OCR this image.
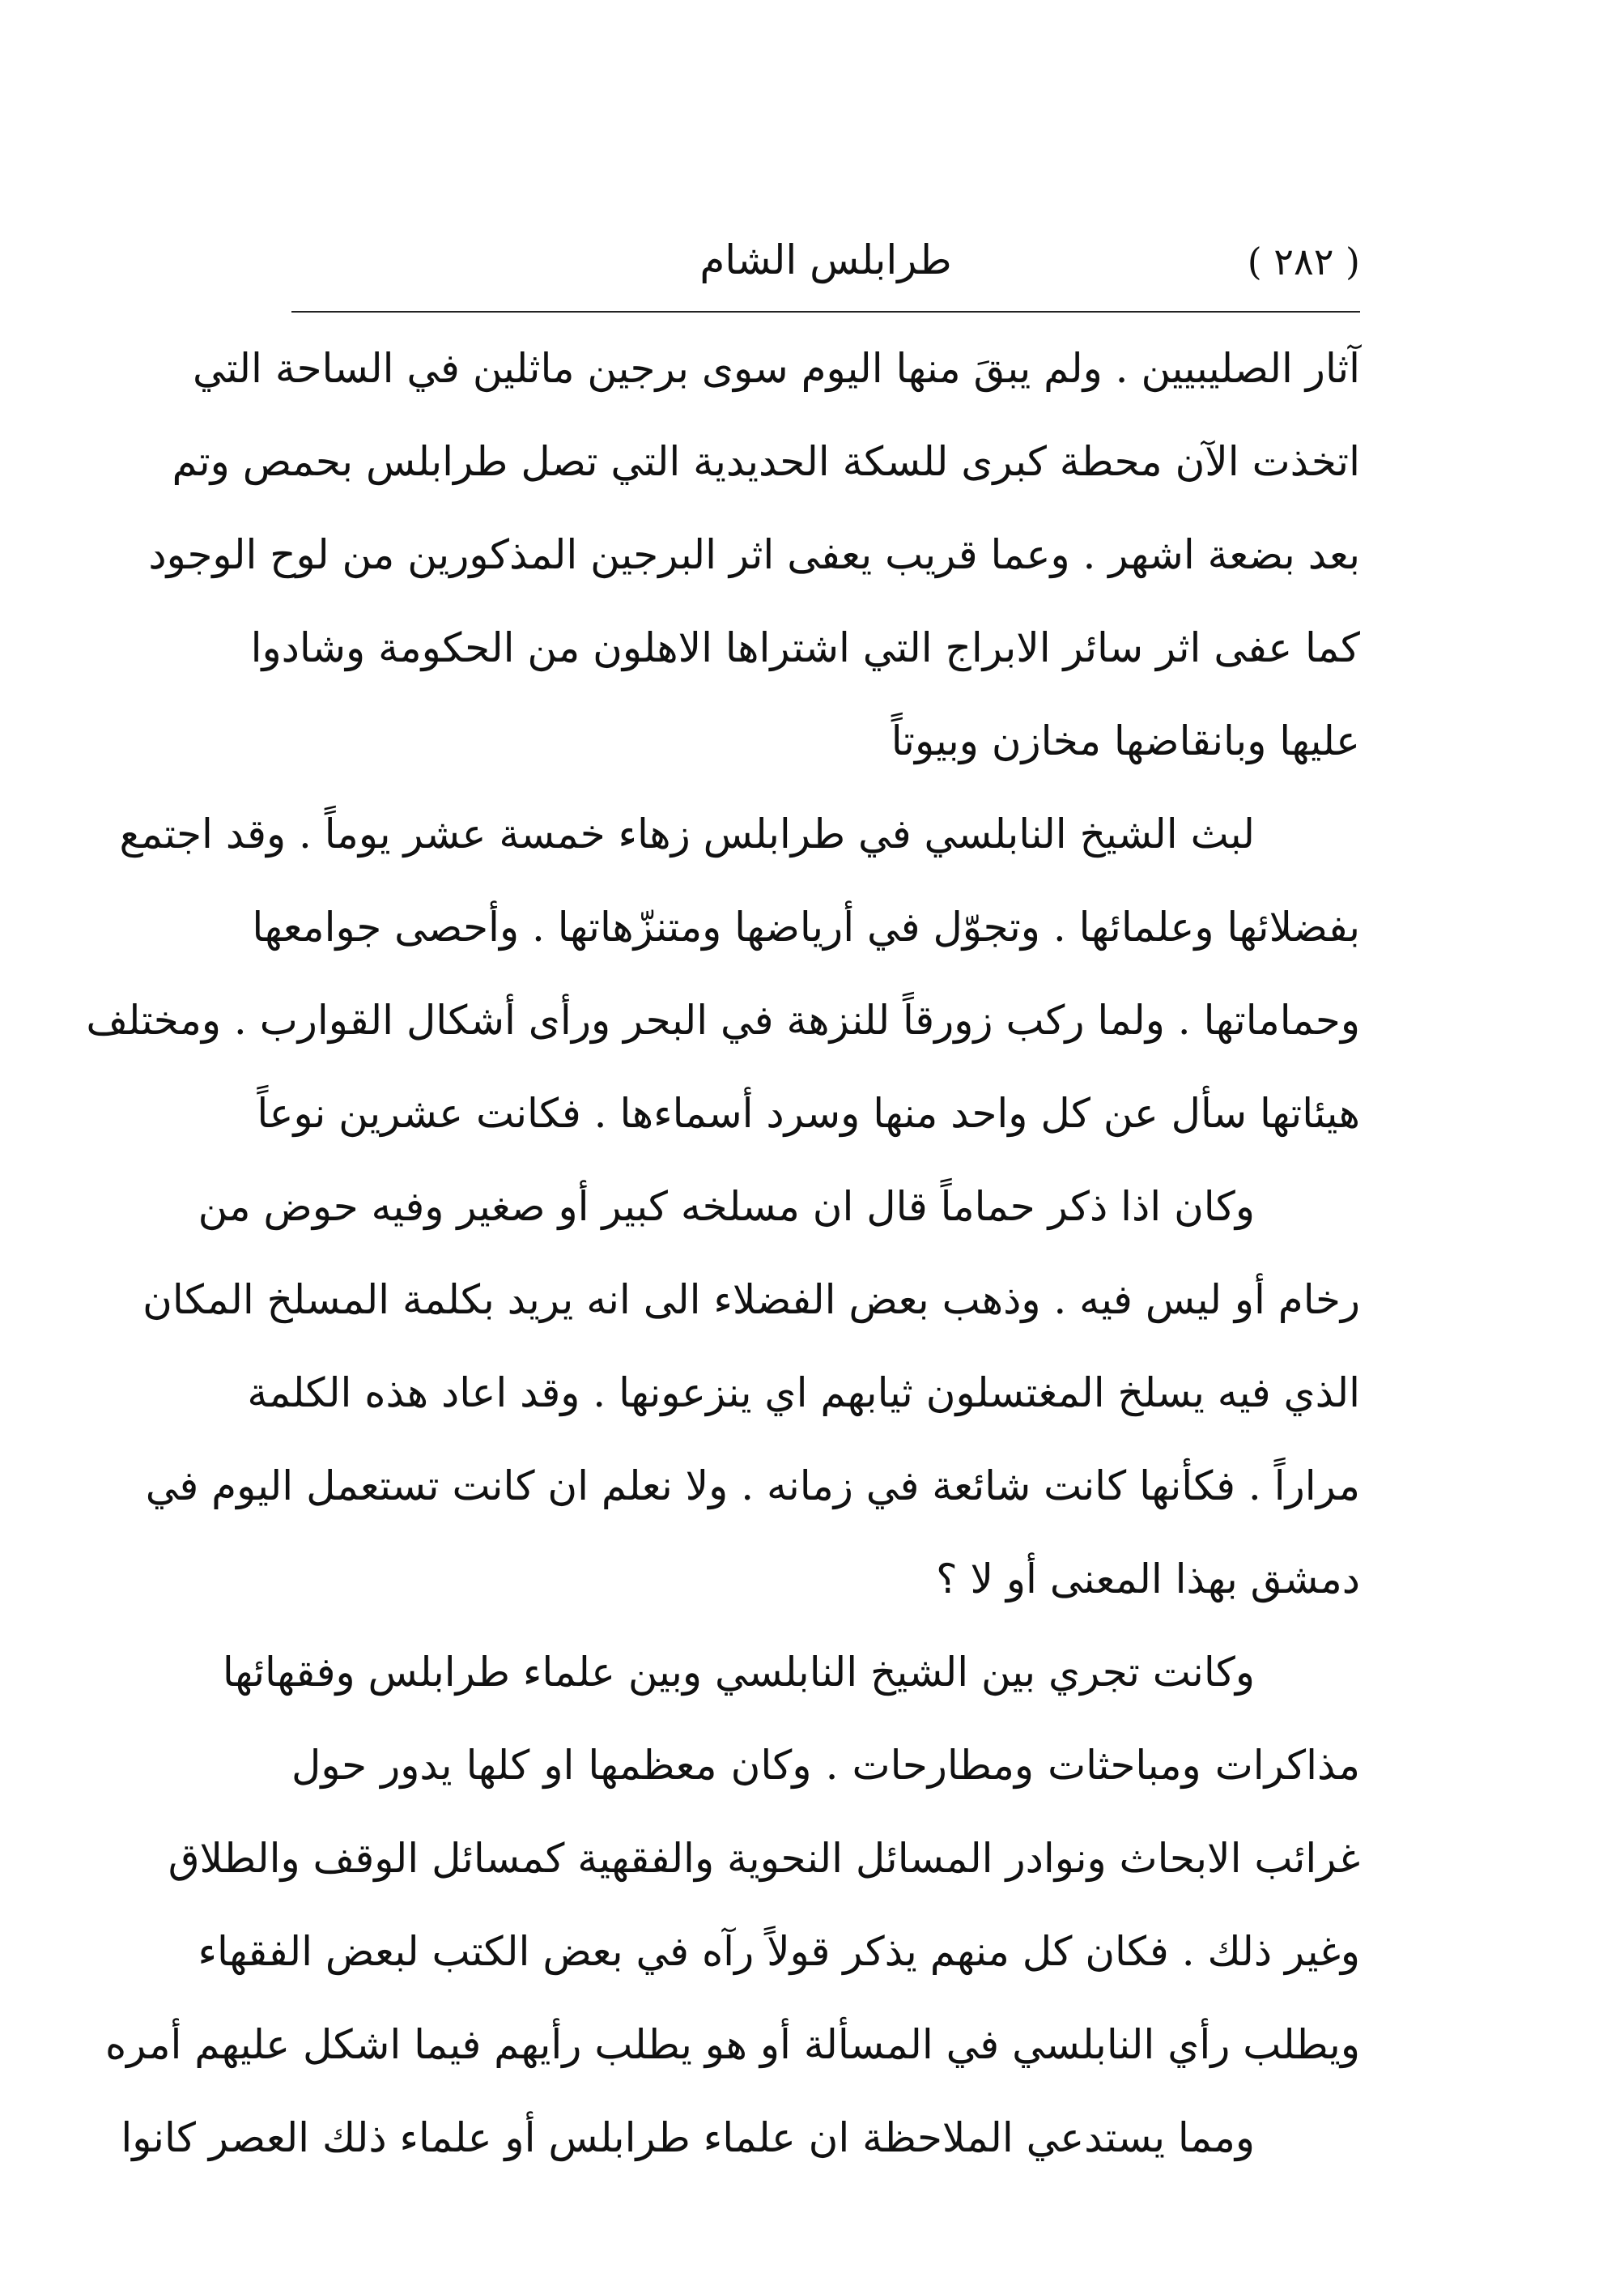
( ٢٨٢ )
طرابلس الشام
آثار الصليبيين . ولم يبقَ منها اليوم سوى برجين ماثلين في الساحة التي
اتخذت الآن محطة كبرى للسكة الحديدية التي تصل طرابلس بحمص وتم
بعد بضعة اشهر . وعما قريب يعفى اثر البرجين المذكورين من لوح الوجود
كما عفى اثر سائر الابراج التي اشتراها الاهلون من الحكومة وشادوا
عليها وبانقاضها مخازن وبيوتاً
لبث الشيخ النابلسي في طرابلس زهاء خمسة عشر يوماً . وقد اجتمع
بفضلائها وعلمائها . وتجوّل في أرياضها ومتنزّهاتها . وأحصى جوامعها
وحماماتها . ولما ركب زورقاً للنزهة في البحر ورأى أشكال القوارب . ومختلف
هيئاتها سأل عن كل واحد منها وسرد أسماءها . فكانت عشرين نوعاً
وكان اذا ذكر حماماً قال ان مسلخه كبير أو صغير وفيه حوض من
رخام أو ليس فيه . وذهب بعض الفضلاء الى انه يريد بكلمة المسلخ المكان
الذي فيه يسلخ المغتسلون ثيابهم اي ينزعونها . وقد اعاد هذه الكلمة
مراراً . فكأنها كانت شائعة في زمانه . ولا نعلم ان كانت تستعمل اليوم في
دمشق بهذا المعنى أو لا ؟
وكانت تجري بين الشيخ النابلسي وبين علماء طرابلس وفقهائها
مذاكرات ومباحثات ومطارحات . وكان معظمها او كلها يدور حول
غرائب الابحاث ونوادر المسائل النحوية والفقهية كمسائل الوقف والطلاق
وغير ذلك . فكان كل منهم يذكر قولاً رآه في بعض الكتب لبعض الفقهاء
ويطلب رأي النابلسي في المسألة أو هو يطلب رأيهم فيما اشكل عليهم أمره
ومما يستدعي الملاحظة ان علماء طرابلس أو علماء ذلك العصر كانوا
